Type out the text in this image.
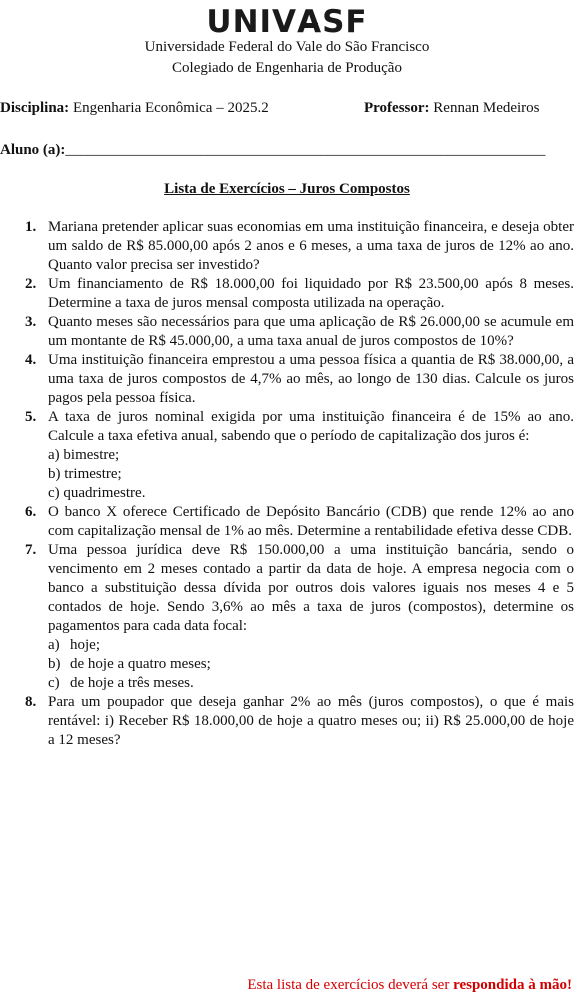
UNIVASF
Universidade Federal do Vale do São Francisco
Colegiado de Engenharia de Produção
Disciplina: Engenharia Econômica – 2025.2	Professor: Rennan Medeiros
Aluno (a):________________________________________________________________
Lista de Exercícios – Juros Compostos
1. Mariana pretender aplicar suas economias em uma instituição financeira, e deseja obter um saldo de R$ 85.000,00 após 2 anos e 6 meses, a uma taxa de juros de 12% ao ano. Quanto valor precisa ser investido?
2. Um financiamento de R$ 18.000,00 foi liquidado por R$ 23.500,00 após 8 meses. Determine a taxa de juros mensal composta utilizada na operação.
3. Quanto meses são necessários para que uma aplicação de R$ 26.000,00 se acumule em um montante de R$ 45.000,00, a uma taxa anual de juros compostos de 10%?
4. Uma instituição financeira emprestou a uma pessoa física a quantia de R$ 38.000,00, a uma taxa de juros compostos de 4,7% ao mês, ao longo de 130 dias. Calcule os juros pagos pela pessoa física.
5. A taxa de juros nominal exigida por uma instituição financeira é de 15% ao ano. Calcule a taxa efetiva anual, sabendo que o período de capitalização dos juros é:
a) bimestre;
b) trimestre;
c) quadrimestre.
6. O banco X oferece Certificado de Depósito Bancário (CDB) que rende 12% ao ano com capitalização mensal de 1% ao mês. Determine a rentabilidade efetiva desse CDB.
7. Uma pessoa jurídica deve R$ 150.000,00 a uma instituição bancária, sendo o vencimento em 2 meses contado a partir da data de hoje. A empresa negocia com o banco a substituição dessa dívida por outros dois valores iguais nos meses 4 e 5 contados de hoje. Sendo 3,6% ao mês a taxa de juros (compostos), determine os pagamentos para cada data focal:
a) hoje;
b) de hoje a quatro meses;
c) de hoje a três meses.
8. Para um poupador que deseja ganhar 2% ao mês (juros compostos), o que é mais rentável: i) Receber R$ 18.000,00 de hoje a quatro meses ou; ii) R$ 25.000,00 de hoje a 12 meses?
Esta lista de exercícios deverá ser respondida à mão!
